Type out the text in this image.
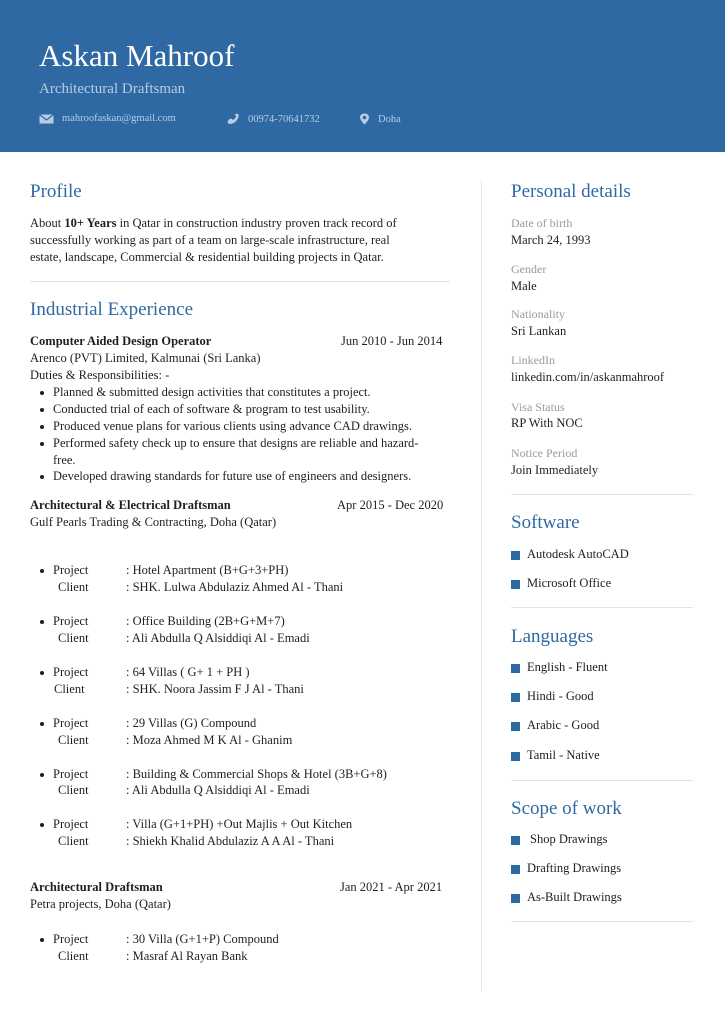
Askan Mahroof
Architectural Draftsman
mahroofaskan@gmail.com	00974-70641732	Doha
Profile
About 10+ Years in Qatar in construction industry proven track record of
successfully working as part of a team on large-scale infrastructure, real
estate, landscape, Commercial & residential building projects in Qatar.
Industrial Experience
Computer Aided Design Operator	Jun 2010 - Jun 2014
Arenco (PVT) Limited, Kalmunai (Sri Lanka)
Duties & Responsibilities: -
Planned & submitted design activities that constitutes a project.
Conducted trial of each of software & program to test usability.
Produced venue plans for various clients using advance CAD drawings.
Performed safety check up to ensure that designs are reliable and hazard-
free.
Developed drawing standards for future use of engineers and designers.
Architectural & Electrical Draftsman	Apr 2015 - Dec 2020
Gulf Pearls Trading & Contracting, Doha (Qatar)
Project	: Hotel Apartment (B+G+3+PH)
Client	: SHK. Lulwa Abdulaziz Ahmed Al - Thani
Project	: Office Building (2B+G+M+7)
Client	: Ali Abdulla Q Alsiddiqi Al - Emadi
Project	: 64 Villas ( G+ 1 + PH )
Client	: SHK. Noora Jassim F J Al - Thani
Project	: 29 Villas (G) Compound
Client	: Moza Ahmed M K Al - Ghanim
Project	: Building & Commercial Shops & Hotel (3B+G+8)
Client	: Ali Abdulla Q Alsiddiqi Al - Emadi
Project	: Villa (G+1+PH) +Out Majlis + Out Kitchen
Client	: Shiekh Khalid Abdulaziz A A Al - Thani
Architectural Draftsman	Jan 2021 - Apr 2021
Petra projects, Doha (Qatar)
Project	: 30 Villa (G+1+P) Compound
Client	: Masraf Al Rayan Bank
Personal details
Date of birth
March 24, 1993
Gender
Male
Nationality
Sri Lankan
LinkedIn
linkedin.com/in/askanmahroof
Visa Status
RP With NOC
Notice Period
Join Immediately
Software
Autodesk AutoCAD
Microsoft Office
Languages
English - Fluent
Hindi - Good
Arabic - Good
Tamil - Native
Scope of work
Shop Drawings
Drafting Drawings
As-Built Drawings
